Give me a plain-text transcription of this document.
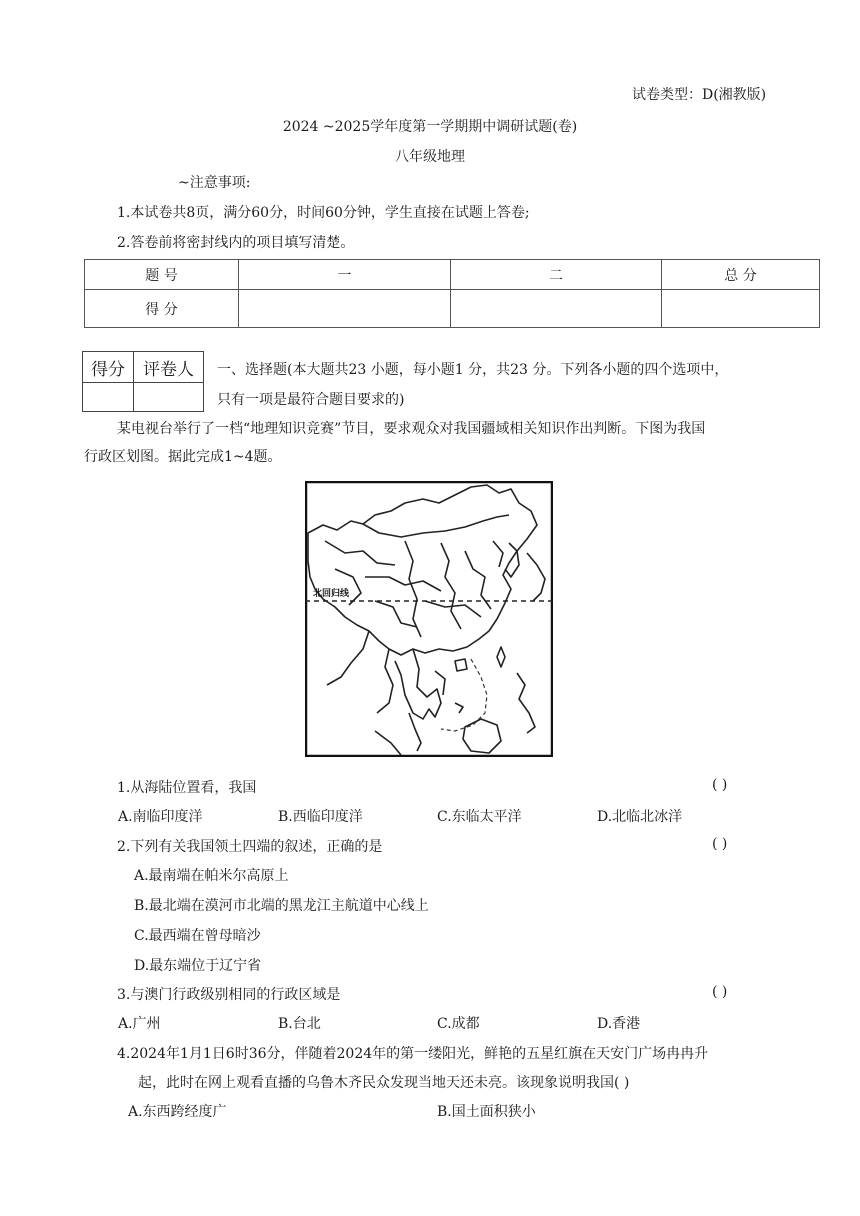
试卷类型：D(湘教版)
2024 ~2025学年度第一学期期中调研试题(卷)
八年级地理
~注意事项:
1.本试卷共8页，满分60分，时间60分钟，学生直接在试题上答卷;
2.答卷前将密封线内的项目填写清楚。
题 号	一	二	总 分
得 分			
得分	评卷人
	一、选择题(本大题共23 小题，每小题1 分，共23 分。下列各小题的四个选项中，
只有一项是最符合题目要求的)
某电视台举行了一档“地理知识竞赛”节目，要求观众对我国疆域相关知识作出判断。下图为我国
行政区划图。据此完成1~4题。
北回归线
1.从海陆位置看，我国	( )
A.南临印度洋	B.西临印度洋	C.东临太平洋	D.北临北冰洋
2.下列有关我国领土四端的叙述，正确的是	( )
A.最南端在帕米尔高原上
B.最北端在漠河市北端的黑龙江主航道中心线上
C.最西端在曾母暗沙
D.最东端位于辽宁省
3.与澳门行政级别相同的行政区域是	( )
A.广州	B.台北	C.成都	D.香港
4.2024年1月1日6时36分，伴随着2024年的第一缕阳光，鲜艳的五星红旗在天安门广场冉冉升
起，此时在网上观看直播的乌鲁木齐民众发现当地天还未亮。该现象说明我国( )
A.东西跨经度广	B.国土面积狭小
